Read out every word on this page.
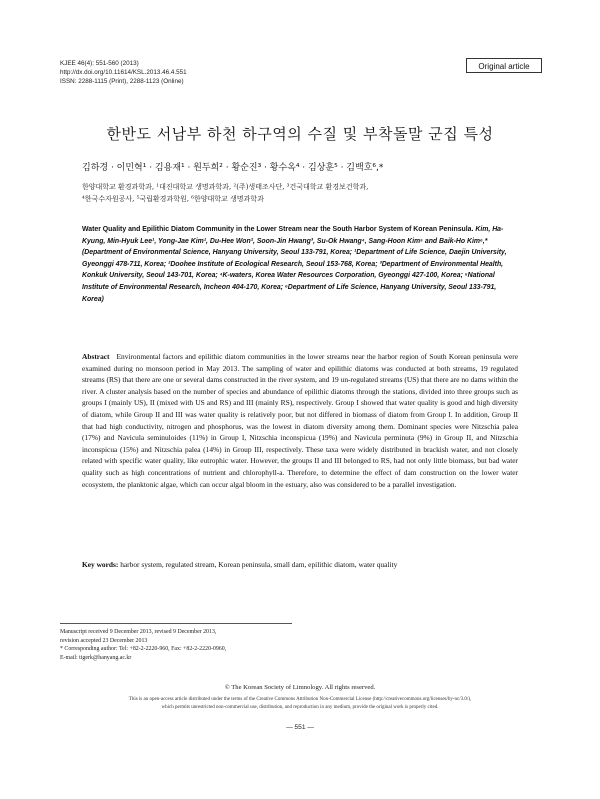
KJEE 46(4): 551-560 (2013)
http://dx.doi.org/10.11614/KSL.2013.46.4.551
ISSN: 2288-1115 (Print), 2288-1123 (Online)
Original article
한반도 서남부 하천 하구역의 수질 및 부착돌말 군집 특성
김하경 · 이민혁¹ · 김용재¹ · 원두희² · 황순진³ · 황수옥⁴ · 김상훈⁵ · 김백호⁶,*
한양대학교 환경과학과, ¹대진대학교 생명과학과, ²(주)생태조사단, ³건국대학교 환경보건학과,
⁴한국수자원공사, ⁵국립환경과학원, ⁶한양대학교 생명과학과
Water Quality and Epilithic Diatom Community in the Lower Stream near the South Harbor System of Korean Peninsula. Kim, Ha-Kyung, Min-Hyuk Lee¹, Yong-Jae Kim¹, Du-Hee Won², Soon-Jin Hwang³, Su-Ok Hwang⁴, Sang-Hoon Kim⁵ and Baik-Ho Kim⁶,* (Department of Environmental Science, Hanyang University, Seoul 133-791, Korea; ¹Department of Life Science, Daejin University, Gyeonggi 478-711, Korea; ²Doohee Institute of Ecological Research, Seoul 153-768, Korea; ³Department of Environmental Health, Konkuk University, Seoul 143-701, Korea; ⁴K-waters, Korea Water Resources Corporation, Gyeonggi 427-100, Korea; ⁵National Institute of Environmental Research, Incheon 404-170, Korea; ⁶Department of Life Science, Hanyang University, Seoul 133-791, Korea)
Abstract Environmental factors and epilithic diatom communities in the lower streams near the harbor region of South Korean peninsula were examined during no monsoon period in May 2013. The sampling of water and epilithic diatoms was conducted at both streams, 19 regulated streams (RS) that there are one or several dams constructed in the river system, and 19 un-regulated streams (US) that there are no dams within the river. A cluster analysis based on the number of species and abundance of epilithic diatoms through the stations, divided into three groups such as groups I (mainly US), II (mixed with US and RS) and III (mainly RS), respectively. Group I showed that water quality is good and high diversity of diatom, while Group II and III was water quality is relatively poor, but not differed in biomass of diatom from Group I. In addition, Group II that had high conductivity, nitrogen and phosphorus, was the lowest in diatom diversity among them. Dominant species were Nitzschia palea (17%) and Navicula seminuloides (11%) in Group I, Nitzschia inconspicua (19%) and Navicula perminuta (9%) in Group II, and Nitzschia inconspicua (15%) and Nitzschia palea (14%) in Group III, respectively. These taxa were widely distributed in brackish water, and not closely related with specific water quality, like eutrophic water. However, the groups II and III belonged to RS, had not only little biomass, but bad water quality such as high concentrations of nutrient and chlorophyll-a. Therefore, to determine the effect of dam construction on the lower water ecosystem, the planktonic algae, which can occur algal bloom in the estuary, also was considered to be a parallel investigation.
Key words: harbor system, regulated stream, Korean peninsula, small dam, epilithic diatom, water quality
Manuscript received 9 December 2013, revised 9 December 2013,
revision accepted 23 December 2013
* Corresponding author: Tel: +82-2-2220-960, Fax: +82-2-2220-0960,
E-mail: tigerk@hanyang.ac.kr
© The Korean Society of Limnology. All rights reserved.
This is an open-access article distributed under the terms of the Creative Commons Attribution Non-Commercial License (http://creativecommons.org/licenses/by-nc/3.0/),
which permits unrestricted non-commercial use, distribution, and reproduction in any medium, provide the original work is properly cited.
— 551 —
